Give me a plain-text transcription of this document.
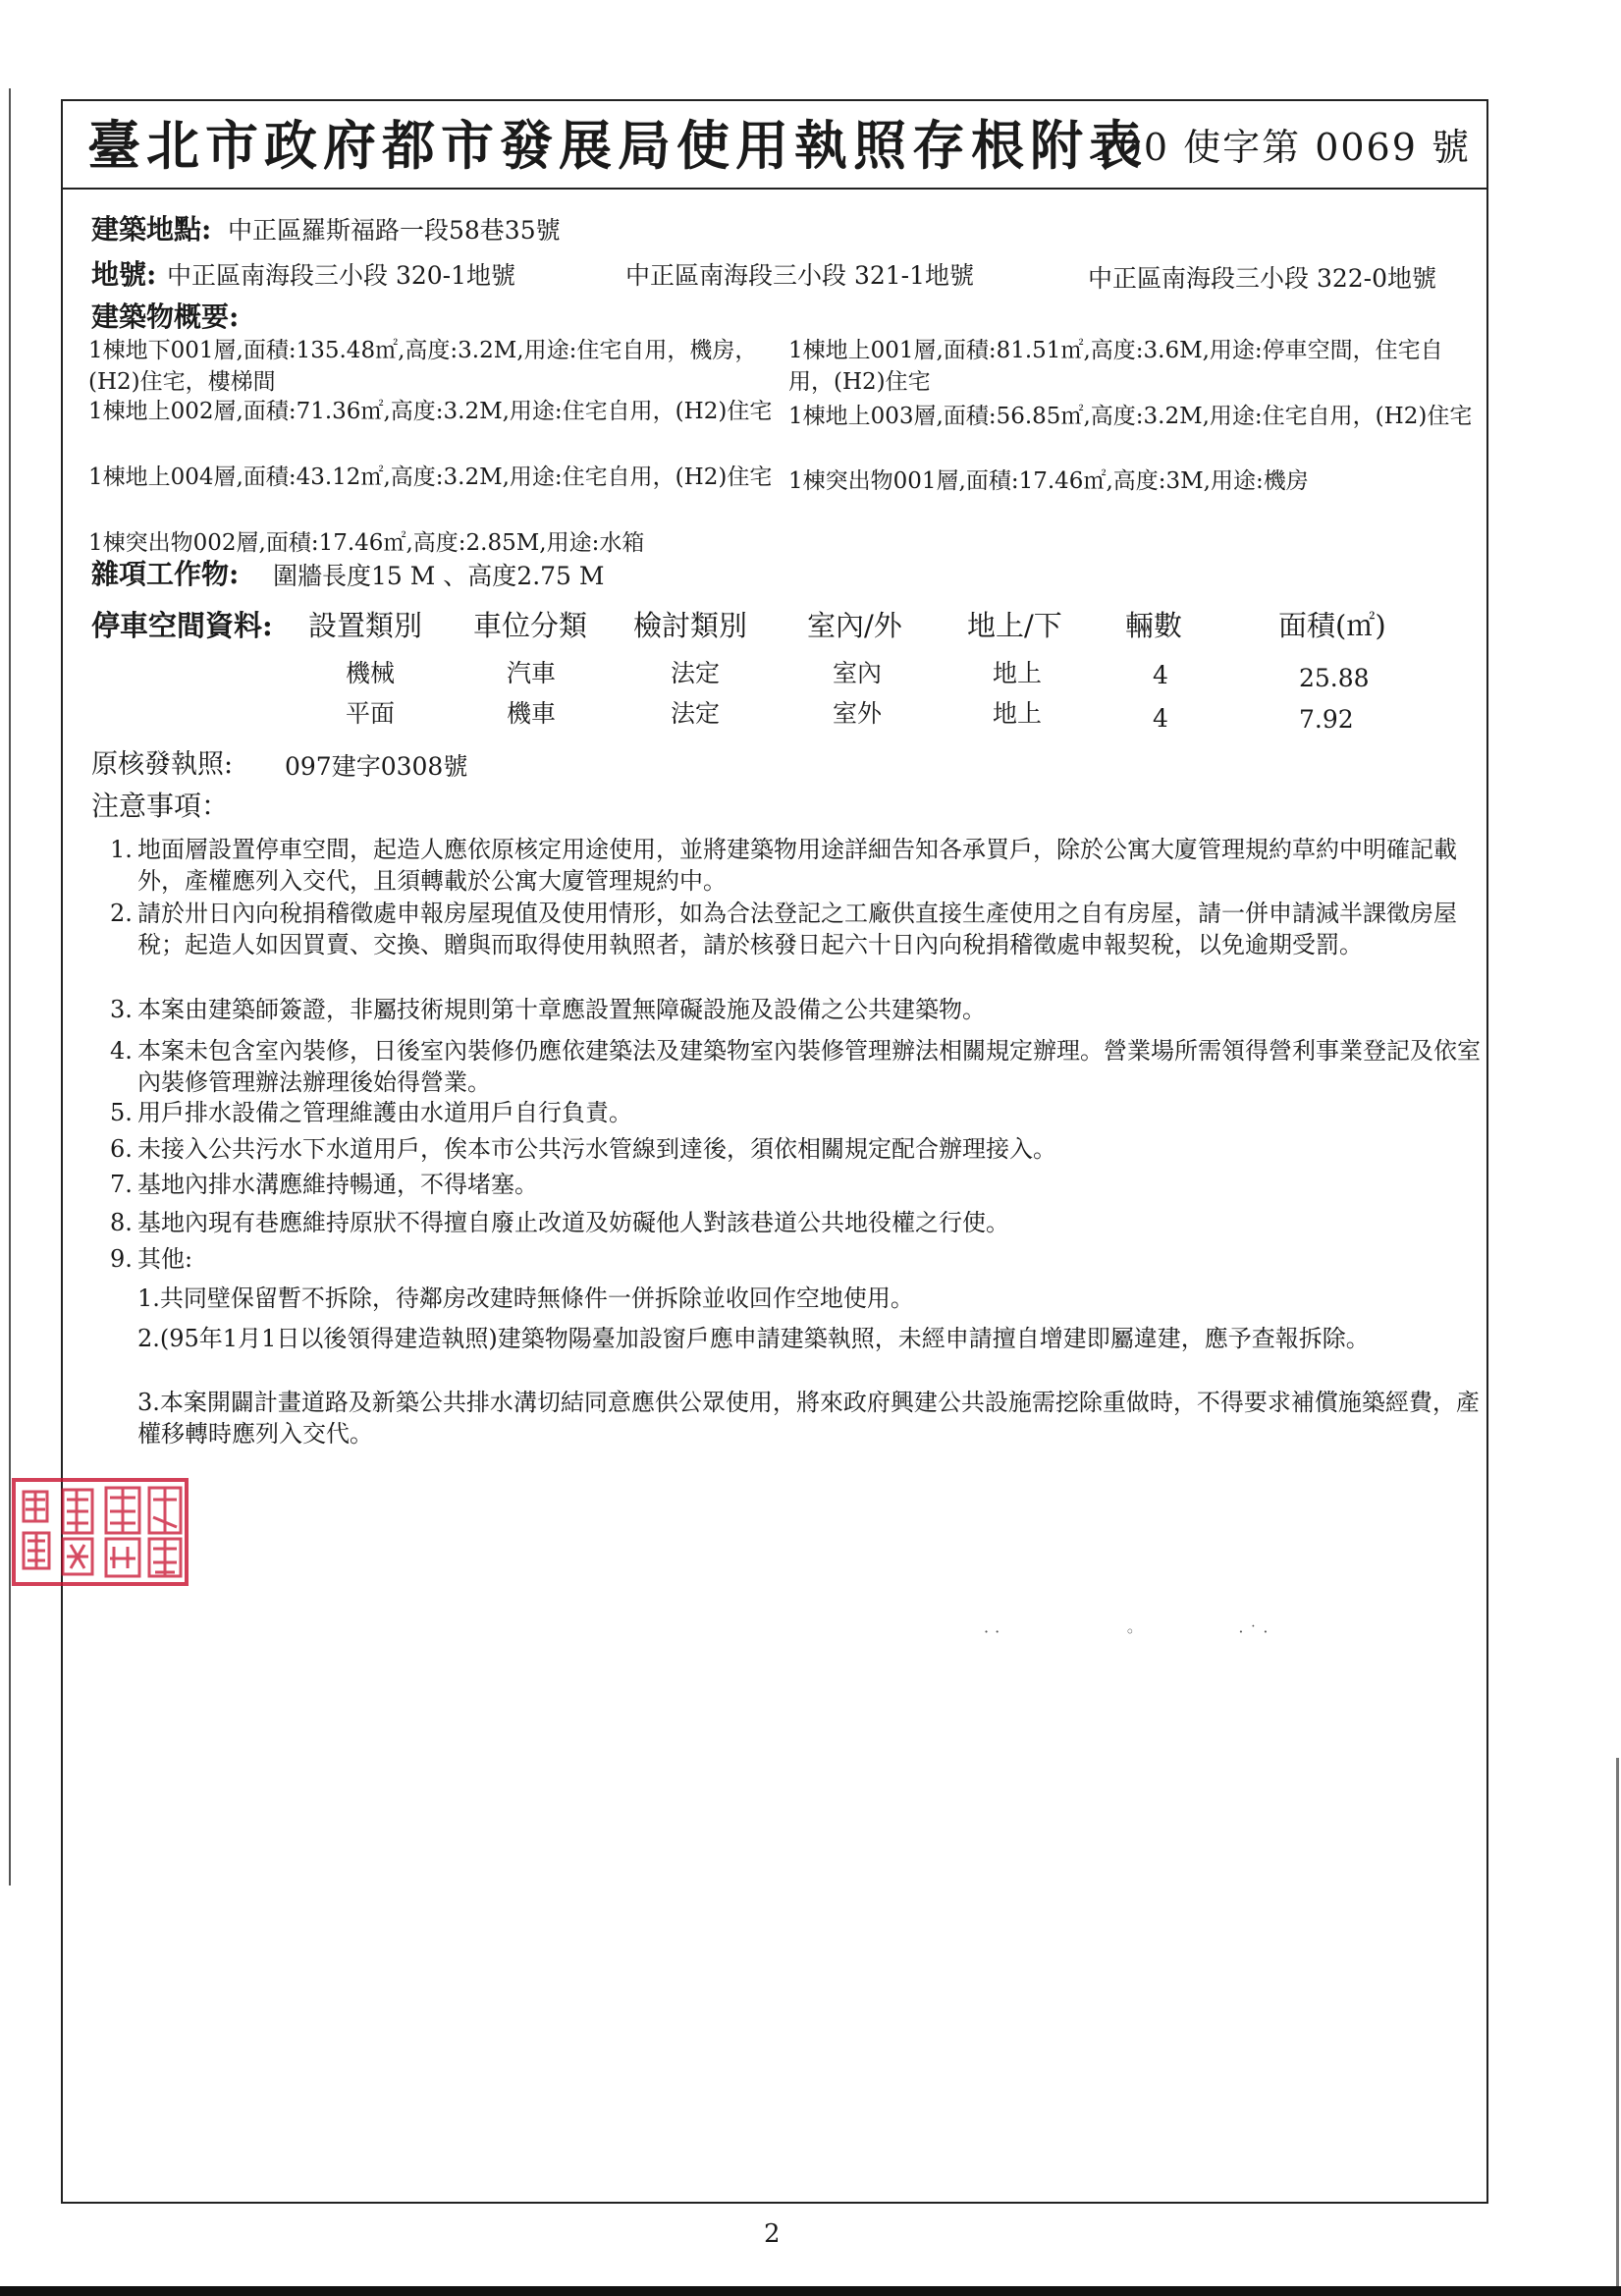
臺北市政府都市發展局使用執照存根附表
100 使字第 0069 號
建築地點: 中正區羅斯福路一段58巷35號
地號: 中正區南海段三小段 320-1地號	中正區南海段三小段 321-1地號	中正區南海段三小段 322-0地號
建築物概要:
1棟地下001層,面積:135.48㎡,高度:3.2M,用途:住宅自用，機房，(H2)住宅，樓梯間
1棟地上001層,面積:81.51㎡,高度:3.6M,用途:停車空間，住宅自用，(H2)住宅
1棟地上002層,面積:71.36㎡,高度:3.2M,用途:住宅自用，(H2)住宅 1棟地上003層,面積:56.85㎡,高度:3.2M,用途:住宅自用，(H2)住宅
1棟地上004層,面積:43.12㎡,高度:3.2M,用途:住宅自用，(H2)住宅 1棟突出物001層,面積:17.46㎡,高度:3M,用途:機房
1棟突出物002層,面積:17.46㎡,高度:2.85M,用途:水箱
雜項工作物: 圍牆長度15 M 、高度2.75 M
停車空間資料: 設置類別 車位分類 檢討類別 室內/外 地上/下 輛數	面積(㎡)
機械	汽車	法定	室內	地上	4	25.88
平面	機車	法定	室外	地上	4	7.92
原核發執照: 097建字0308號
注意事項：
1. 地面層設置停車空間，起造人應依原核定用途使用，並將建築物用途詳細告知各承買戶，除於公寓大廈管理規約草約中明確記載外，產權應列入交代，且須轉載於公寓大廈管理規約中。
2. 請於卅日內向稅捐稽徵處申報房屋現值及使用情形，如為合法登記之工廠供直接生產使用之自有房屋，請一併申請減半課徵房屋稅；起造人如因買賣、交換、贈與而取得使用執照者，請於核發日起六十日內向稅捐稽徵處申報契稅，以免逾期受罰。
3. 本案由建築師簽證，非屬技術規則第十章應設置無障礙設施及設備之公共建築物。
4. 本案未包含室內裝修，日後室內裝修仍應依建築法及建築物室內裝修管理辦法相關規定辦理。營業場所需領得營利事業登記及依室內裝修管理辦法辦理後始得營業。
5. 用戶排水設備之管理維護由水道用戶自行負責。
6. 未接入公共污水下水道用戶，俟本市公共污水管線到達後，須依相關規定配合辦理接入。
7. 基地內排水溝應維持暢通，不得堵塞。
8. 基地內現有巷應維持原狀不得擅自廢止改道及妨礙他人對該巷道公共地役權之行使。
9. 其他:
1.共同壁保留暫不拆除，待鄰房改建時無條件一併拆除並收回作空地使用。
2.(95年1月1日以後領得建造執照)建築物陽臺加設窗戶應申請建築執照，未經申請擅自增建即屬違建，應予查報拆除。
3.本案開闢計畫道路及新築公共排水溝切結同意應供公眾使用，將來政府興建公共設施需挖除重做時，不得要求補償施築經費，產權移轉時應列入交代。
··           ◦         ·˙·
2
